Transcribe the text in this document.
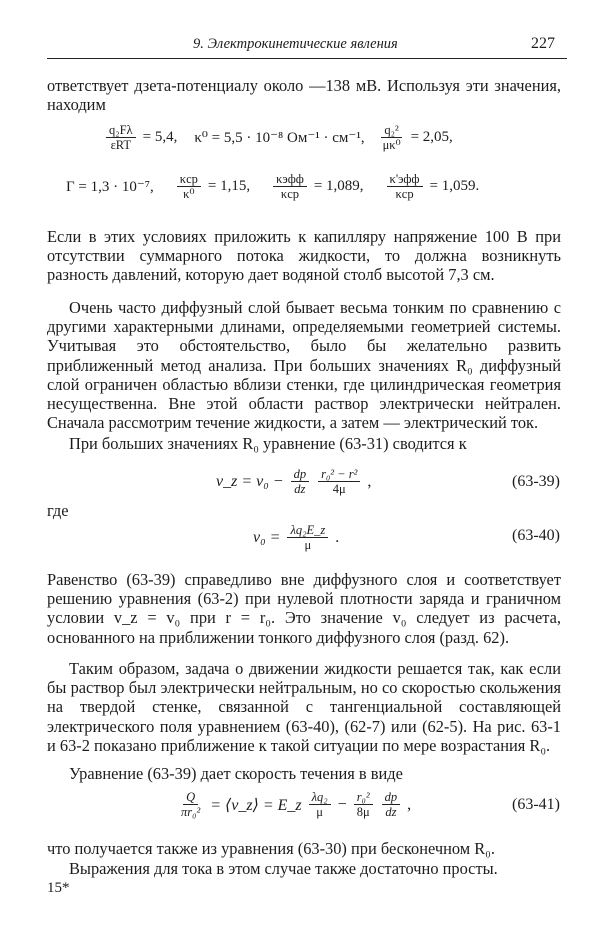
9. Электрокинетические явления	227
ответствует дзета-потенциалу около —138 мВ. Используя эти значения, находим
$\frac{\text{q₂Fλ}}{\text{εRT}} = 5,4$, κ⁰ = 5,5 · 10⁻⁸ Ом⁻¹ · см⁻¹, $\frac{\text{q₂²}}{\text{μκ⁰}} = 2,05$,
Γ = 1,3 · 10⁻⁷, $\frac{\text{κср}}{\text{κ⁰}} = 1,15$, $\frac{\text{κэфф}}{\text{κср}} = 1,089$, $\frac{\text{κ'эфф}}{\text{κср}} = 1,059$.
Если в этих условиях приложить к капилляру напряжение 100 В при отсутствии суммарного потока жидкости, то должна возникнуть разность давлений, которую дает водяной столб высотой 7,3 см.
Очень часто диффузный слой бывает весьма тонким по сравнению с другими характерными длинами, определяемыми геометрией системы. Учитывая это обстоятельство, было бы желательно развить приближенный метод анализа. При больших значениях R₀ диффузный слой ограничен областью вблизи стенки, где цилиндрическая геометрия несущественна. Вне этой области раствор электрически нейтрален. Сначала рассмотрим течение жидкости, а затем — электрический ток.
При больших значениях R₀ уравнение (63-31) сводится к
v_z = $v_0 - \frac{dp}{dz} \frac{\text{r₀² − r²}}{4\mu}$ ,	(63-39)
где
$v_0 = \frac{\text{λq₂E\_z}}{\mu}$ .	(63-40)
Равенство (63-39) справедливо вне диффузного слоя и соответствует решению уравнения (63-2) при нулевой плотности заряда и граничном условии v_z = v₀ при r = r₀. Это значение v₀ следует из расчета, основанного на приближении тонкого диффузного слоя (разд. 62).
Таким образом, задача о движении жидкости решается так, как если бы раствор был электрически нейтральным, но со скоростью скольжения на твердой стенке, связанной с тангенциальной составляющей электрического поля уравнением (63-40), (62-7) или (62-5). На рис. 63-1 и 63-2 показано приближение к такой ситуации по мере возрастания R₀.
Уравнение (63-39) дает скорость течения в виде
$\frac{Q}{\text{πr₀²}}$ = ⟨v_z⟩ = E_z $\frac{\text{λq₂}}{\mu} - \frac{\text{r₀²}}{8\mu} \frac{dp}{dz}$ ,	(63-41)
что получается также из уравнения (63-30) при бесконечном R₀.
Выражения для тока в этом случае также достаточно просты.
15*
